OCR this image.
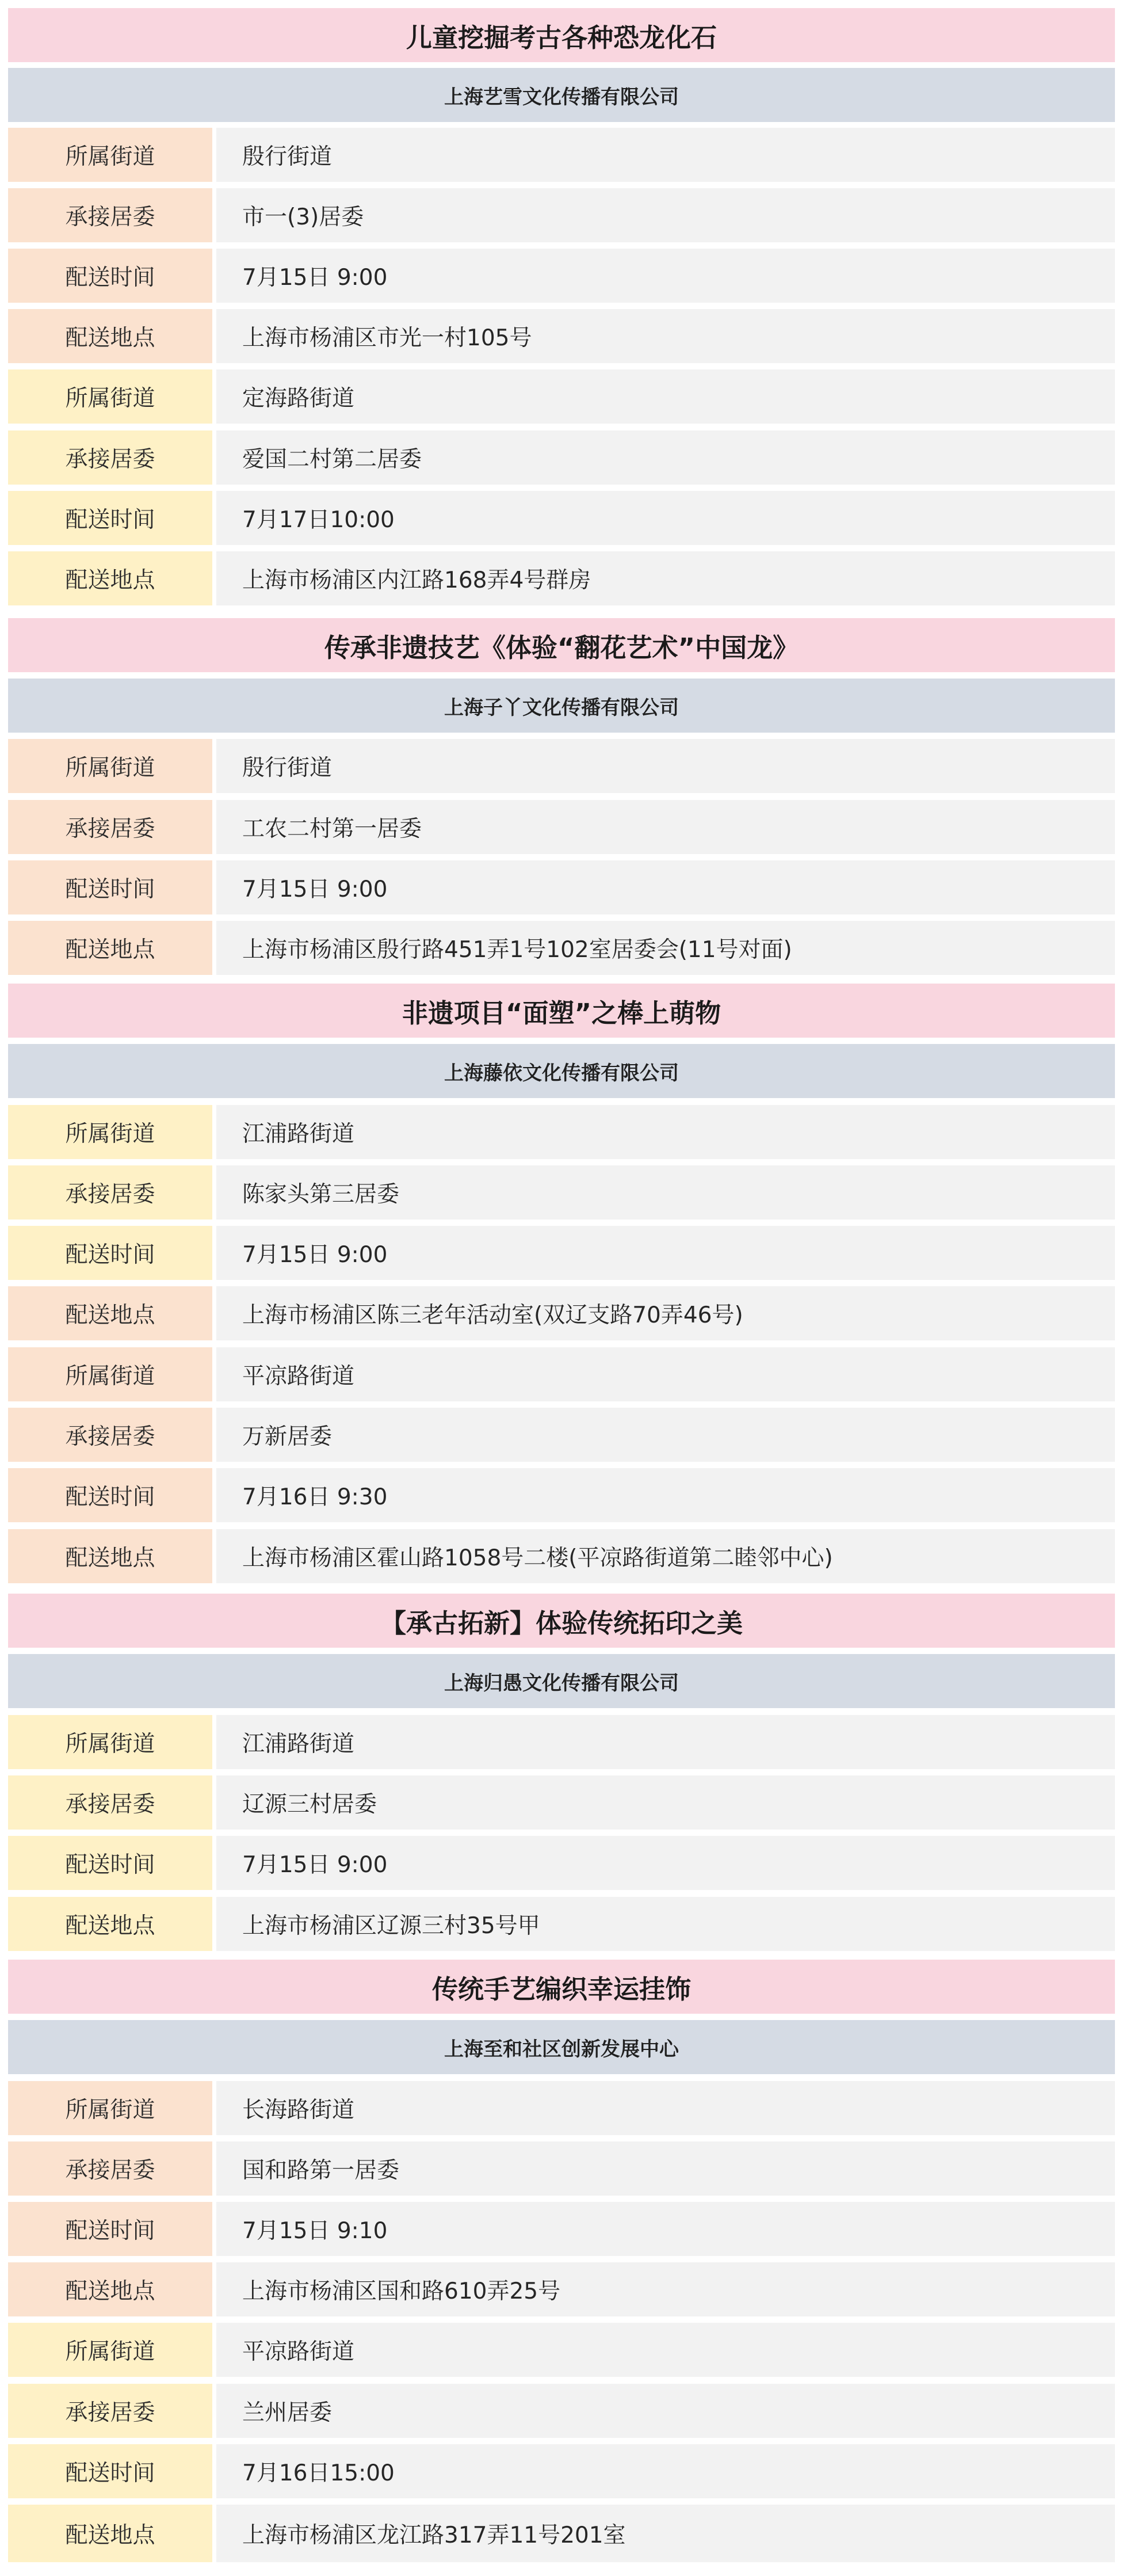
儿童挖掘考古各种恐龙化石
上海艺雪文化传播有限公司
所属街道	殷行街道
承接居委	市一(3)居委
配送时间	7月15日 9:00
配送地点	上海市杨浦区市光一村105号
所属街道	定海路街道
承接居委	爱国二村第二居委
配送时间	7月17日10:00
配送地点	上海市杨浦区内江路168弄4号群房
传承非遗技艺《体验“翻花艺术”中国龙》
上海子丫文化传播有限公司
所属街道	殷行街道
承接居委	工农二村第一居委
配送时间	7月15日 9:00
配送地点	上海市杨浦区殷行路451弄1号102室居委会(11号对面)
非遗项目“面塑”之棒上萌物
上海藤依文化传播有限公司
所属街道	江浦路街道
承接居委	陈家头第三居委
配送时间	7月15日 9:00
配送地点	上海市杨浦区陈三老年活动室(双辽支路70弄46号)
所属街道	平凉路街道
承接居委	万新居委
配送时间	7月16日 9:30
配送地点	上海市杨浦区霍山路1058号二楼(平凉路街道第二睦邻中心)
【承古拓新】体验传统拓印之美
上海归愚文化传播有限公司
所属街道	江浦路街道
承接居委	辽源三村居委
配送时间	7月15日 9:00
配送地点	上海市杨浦区辽源三村35号甲
传统手艺编织幸运挂饰
上海至和社区创新发展中心
所属街道	长海路街道
承接居委	国和路第一居委
配送时间	7月15日 9:10
配送地点	上海市杨浦区国和路610弄25号
所属街道	平凉路街道
承接居委	兰州居委
配送时间	7月16日15:00
配送地点	上海市杨浦区龙江路317弄11号201室
